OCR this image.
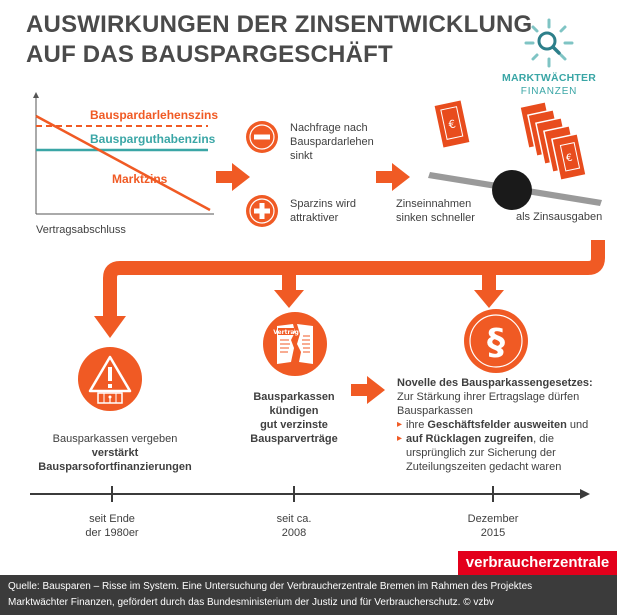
AUSWIRKUNGEN DER ZINSENTWICKLUNG
AUF DAS BAUSPARGESCHÄFT
MARKTWÄCHTER
FINANZEN
Bauspardarlehenszins
Bausparguthabenzins
Marktzins
Vertragsabschluss
Nachfrage nach Bauspardarlehen sinkt
Sparzins wird attraktiver
€
€
Zinseinnahmen sinken schneller	als Zinsausgaben
Vertrag	§
Bausparkassen vergeben
verstärkt
Bausparsofortfinanzierungen
Bausparkassen
kündigen
gut verzinste
Bausparverträge
Novelle des Bausparkassengesetzes:
Zur Stärkung ihrer Ertragslage dürfen Bausparkassen
▸ ihre Geschäftsfelder ausweiten und
▸ auf Rücklagen zugreifen, die ursprünglich zur Sicherung der Zuteilungszeiten gedacht waren
seit Ende
der 1980er
seit ca.
2008
Dezember
2015
verbraucherzentrale
Quelle: Bausparen – Risse im System. Eine Untersuchung der Verbraucherzentrale Bremen im Rahmen des Projektes
Marktwächter Finanzen, gefördert durch das Bundesministerium der Justiz und für Verbraucherschutz. © vzbv
